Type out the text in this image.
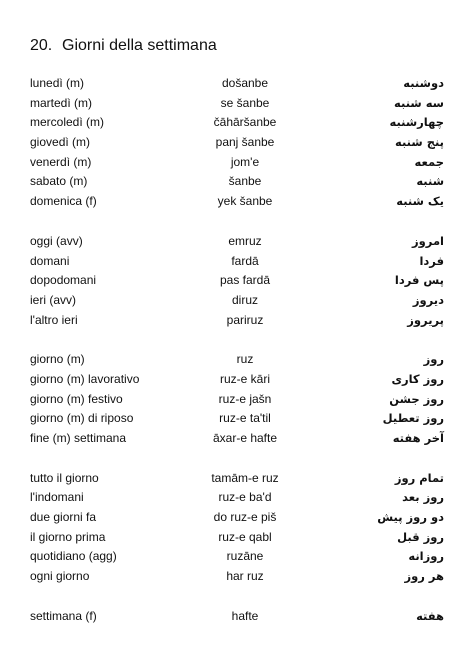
20. Giorni della settimana
lunedì (m)	došanbe	دوشنبه
martedì (m)	se šanbe	سه شنبه
mercoledì (m)	čāhāršanbe	چهارشنبه
giovedì (m)	panj šanbe	پنج شنبه
venerdì (m)	jom'e	جمعه
sabato (m)	šanbe	شنبه
domenica (f)	yek šanbe	یک شنبه
oggi (avv)	emruz	امروز
domani	fardā	فردا
dopodomani	pas fardā	پس فردا
ieri (avv)	diruz	دیروز
l'altro ieri	pariruz	پریروز
giorno (m)	ruz	روز
giorno (m) lavorativo	ruz-e kāri	روز کاری
giorno (m) festivo	ruz-e jašn	روز جشن
giorno (m) di riposo	ruz-e ta'til	روز تعطیل
fine (m) settimana	āxar-e hafte	آخر هفته
tutto il giorno	tamām-e ruz	تمام روز
l'indomani	ruz-e ba'd	روز بعد
due giorni fa	do ruz-e piš	دو روز پیش
il giorno prima	ruz-e qabl	روز قبل
quotidiano (agg)	ruzāne	روزانه
ogni giorno	har ruz	هر روز
settimana (f)	hafte	هفته
